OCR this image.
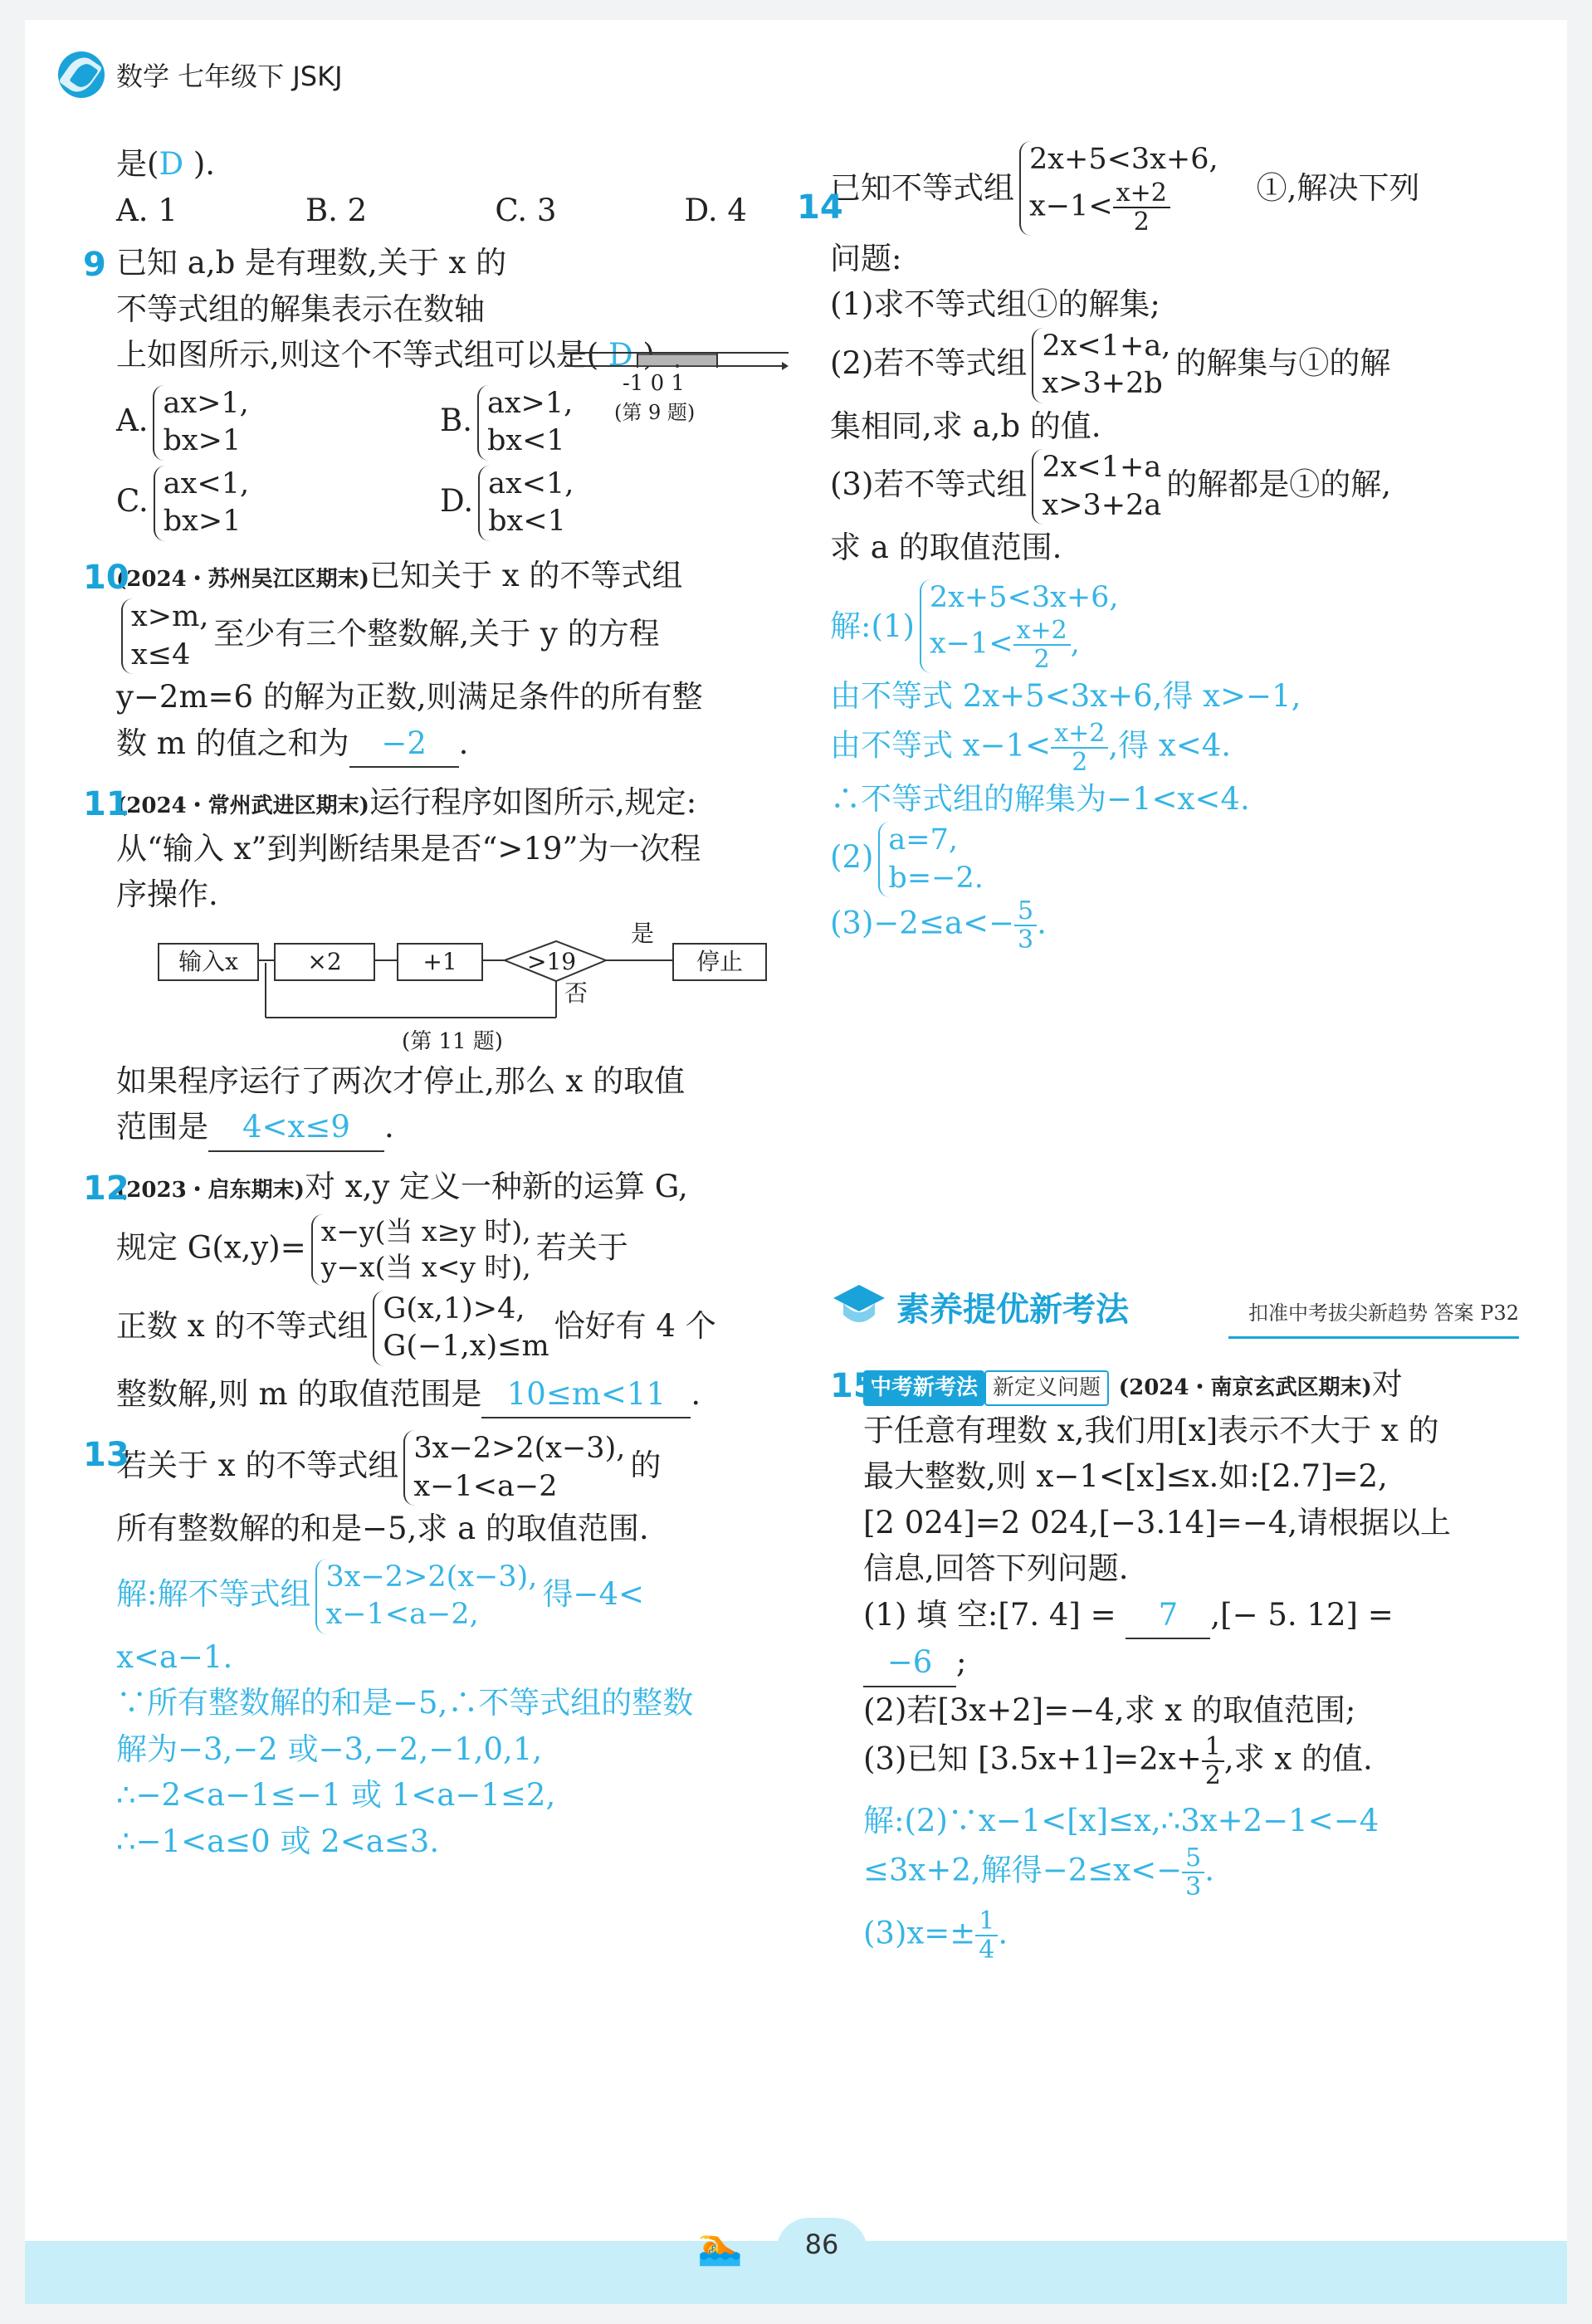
数学 七年级下 JSKJ

是(D ).

A. 1	B. 2	C. 3	D. 4
9 已知 a,b 是有理数,关于 x 的
不等式组的解集表示在数轴
上如图所示,则这个不等式组可以是( D
A. ax>1,
bx>1
B. ax>1,
bx<1
C. ax<1,
bx>1
D. ax<1,
bx<1
-1 0 1
(第 9 题)
10
(2024・苏州吴江区期末)已知关于 x 的不等式组
x>m,
x≤4
至少有三个整数解,关于 y 的方程
y−2m=6 的解为正数,则满足条件的所有整
数 m 的值之和为 −2 .
11
(2024・常州武进区期末)运行程序如图所示,规定:
从“输入 x”到判断结果是否“>19”为一次程
序操作.
输入x	×2	+1	>19
是
否
停止
(第 11 题)
如果程序运行了两次才停止,那么 x 的取值
范围是 4<x≤9 .
12
(2023・启东期末)对 x,y 定义一种新的运算 G,
规定 G(x,y)= x−y(当 x≥y 时),
y−x(当 x<y 时),
若关于
正数 x 的不等式组 G(x,1)>4,
G(−1,x)≤m
恰好有 4 个
整数解,则 m 的取值范围是 10≤m<11 .
13
若关于 x 的不等式组 3x−2>2(x−3),
x−1<a−2
的
所有整数解的和是−5,求 a 的取值范围.
解:解不等式组 3x−2>2(x−3),
x−1<a−2,
得−4<
x<a−1.
∵所有整数解的和是−5,∴不等式组的整数
解为−3,−2 或−3,−2,−1,0,1,
∴−2<a−1≤−1 或 1<a−1≤2,
∴−1<a≤0 或 2<a≤3.
14
已知不等式组
2x+5<3x+6,
$x-1< \frac{x+2}{2}$	①,解决下列
问题:
(1)求不等式组①的解集;
(2)若不等式组 2x<1+a,
x>3+2b
的解集与①的解
集相同,求 a,b 的值.
(3)若不等式组 2x<1+a
x>3+2a
的解都是①的解,
求 a 的取值范围.
解:(1)
2x+5<3x+6,
$x-1< \frac{x+2}{2}$ ,
由不等式 2x+5<3x+6,得 x>−1,
由不等式 $x-1< \frac{x+2}{2}$ ,得 x<4.
∴不等式组的解集为−1<x<4.
(2) a=7,
b=−2.
$(3)-2\le a<- \frac{5}{3}$ .
素养提优新考法	扣准中考拔尖新趋势 答案 P32
15
中考新考法 新定义问题 (2024・南京玄武区期末)对
于任意有理数 x,我们用[x]表示不大于 x 的
最大整数,则 x−1<[x]≤x.如:[2.7]=2,
[2 024]=2 024,[−3.14]=−4,请根据以上
信息,回答下列问题.
(1) 填 空:[7. 4] = 7 ,[− 5. 12] =
−6 ;
(2)若[3x+2]=−4,求 x 的取值范围;
(3)已知 $[3.5x+1]=2x+ \frac{1}{2}$ ,求 x 的值.
解:(2)∵x−1<[x]≤x,∴3x+2−1<−4
≤3x+2,解得$-2\le x<- \frac{5}{3}$ .
$(3)x=\pm \frac{1}{4}$ .
🏊	86
